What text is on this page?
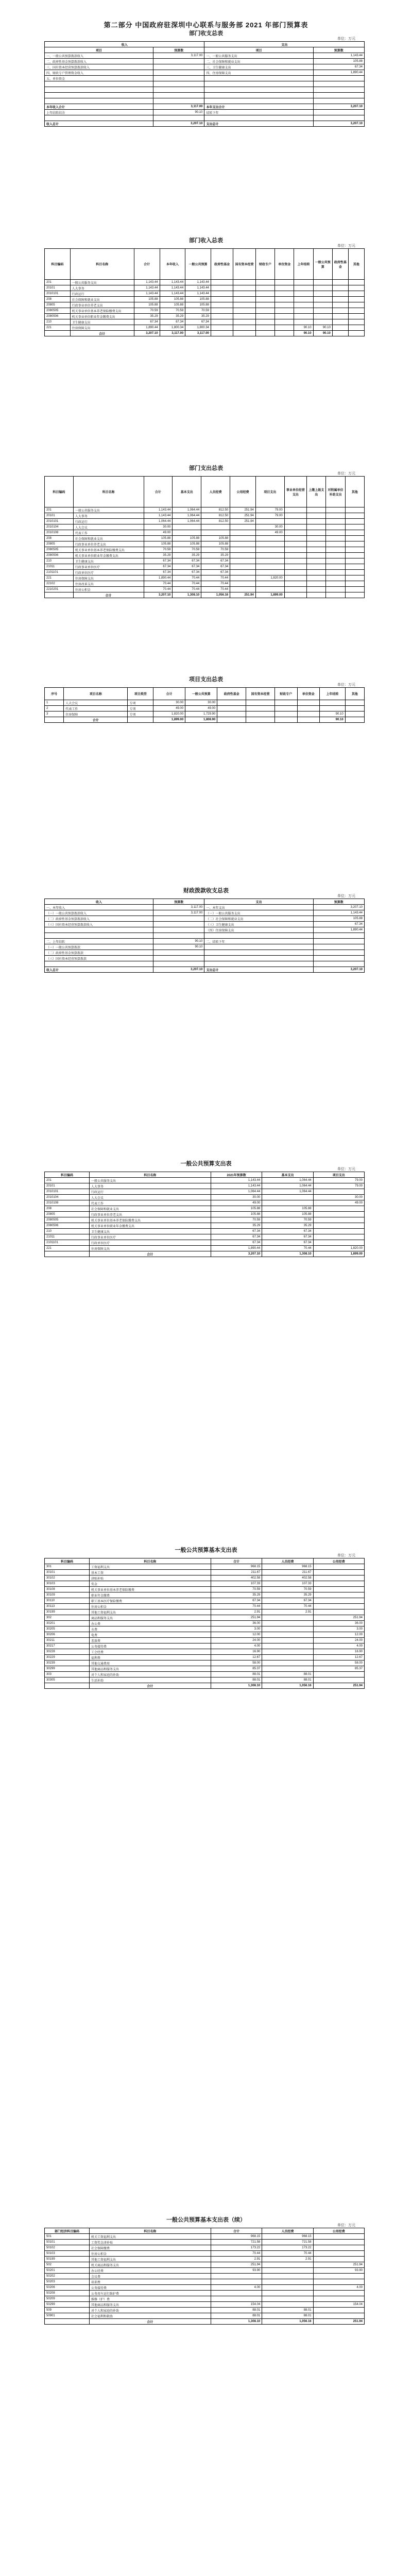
第二部分 中国政府驻深圳中心联系与服务部 2021 年部门预算表
部门收支总表
单位：万元
收入		支出	
项目	预算数	项目	预算数
一、一般公共预算拨款收入	3,117.00	一、一般公共服务支出	1,143.44
二、政府性基金预算拨款收入		二、社会保障和就业支出	105.88
三、国有资本经营预算拨款收入		三、卫生健康支出	67.34
四、财政专户管理资金收入		四、住房保障支出	1,890.44
五、单位资金			

本年收入合计	3,117.00	本年支出合计	3,207.10
上年结转结余	90.10	结转下年	

收入总计	3,207.10	支出总计	3,207.10
部门收入总表
单位：万元
科目编码	科目名称	合计	本年收入	一般公共预算	政府性基金	国有资本经营	财政专户	单位资金	上年结转	一般公共预算	政府性基金	其他
201	一般公共服务支出	1,143.44	1,143.44	1,143.44								
20101	人大事务	1,143.44	1,143.44	1,143.44								
2010101	行政运行	1,143.44	1,143.44	1,143.44								
208	社会保障和就业支出	105.88	105.88	105.88								
20805	行政事业单位养老支出	105.88	105.88	105.88								
2080505	机关事业单位基本养老保险缴费支出	70.59	70.59	70.59								
2080506	机关事业单位职业年金缴费支出	35.29	35.29	35.29								
210	卫生健康支出	67.34	67.34	67.34								
221	住房保障支出	1,890.44	1,800.34	1,800.34					90.10	90.10		
	合计	3,207.10	3,117.00	3,117.00					90.10	90.10		
部门支出总表
单位：万元
科目编码	科目名称	合计	基本支出	人员经费	公用经费	项目支出	事业单位经营支出	上缴上级支出	对附属单位补助支出	其他
201	一般公共服务支出	1,143.44	1,064.44	812.50	251.94	79.00				
20101	人大事务	1,143.44	1,064.44	812.50	251.94	79.00				
2010101	行政运行	1,064.44	1,064.44	812.50	251.94					
2010104	人大会议	30.00				30.00				
2010108	代表工作	49.00				49.00				
208	社会保障和就业支出	105.88	105.88	105.88						
20805	行政事业单位养老支出	105.88	105.88	105.88						
2080505	机关事业单位基本养老保险缴费支出	70.59	70.59	70.59						
2080506	机关事业单位职业年金缴费支出	35.29	35.29	35.29						
210	卫生健康支出	67.34	67.34	67.34						
21011	行政事业单位医疗	67.34	67.34	67.34						
2101101	行政单位医疗	67.34	67.34	67.34						
221	住房保障支出	1,890.44	70.44	70.44		1,820.00				
22102	住房改革支出	70.44	70.44	70.44						
2210201	住房公积金	70.44	70.44	70.44						
	合计	3,207.10	1,308.10	1,056.16	251.94	1,899.00				
项目支出总表
单位：万元
序号	项目名称	项目类型	合计	一般公共预算	政府性基金	国有资本经营	财政专户	单位资金	上年结转	其他
1	人大会议	专项	30.00	30.00						
2	代表工作	专项	49.00	49.00						
3	住房保障	专项	1,820.00	1,729.90					90.10	
	合计		1,899.00	1,808.90					90.10	
财政拨款收支总表
单位：万元
收入	预算数	支出	预算数
一、本年收入	3,117.00	一、本年支出	3,207.10
（一）一般公共预算拨款收入	3,117.00	（一）一般公共服务支出	1,143.44
（二）政府性基金预算拨款收入		（二）社会保障和就业支出	105.88
（三）国有资本经营预算拨款收入		（三）卫生健康支出	67.34
		（四）住房保障支出	1,890.44

二、上年结转	90.10	二、结转下年	
（一）一般公共预算拨款	90.10		
（二）政府性基金预算拨款			
（三）国有资本经营预算拨款			

收入总计	3,207.10	支出总计	3,207.10
一般公共预算支出表
单位：万元
科目编码	科目名称	2021年预算数	基本支出	项目支出
201	一般公共服务支出	1,143.44	1,064.44	79.00
20101	人大事务	1,143.44	1,064.44	79.00
2010101	行政运行	1,064.44	1,064.44	
2010104	人大会议	30.00		30.00
2010108	代表工作	49.00		49.00
208	社会保障和就业支出	105.88	105.88	
20805	行政事业单位养老支出	105.88	105.88	
2080505	机关事业单位基本养老保险缴费支出	70.59	70.59	
2080506	机关事业单位职业年金缴费支出	35.29	35.29	
210	卫生健康支出	67.34	67.34	
21011	行政事业单位医疗	67.34	67.34	
2101101	行政单位医疗	67.34	67.34	
221	住房保障支出	1,890.44	70.44	1,820.00
	合计	3,207.10	1,308.10	1,899.00
一般公共预算基本支出表
单位：万元
科目编码	科目名称	合计	人员经费	公用经费
301	工资福利支出	968.15	968.15	
30101	基本工资	211.67	211.67	
30102	津贴补贴	402.58	402.58	
30103	奖金	107.33	107.33	
30108	机关事业单位基本养老保险缴费	70.59	70.59	
30109	职业年金缴费	35.29	35.29	
30110	职工基本医疗保险缴费	67.34	67.34	
30113	住房公积金	70.44	70.44	
30199	其他工资福利支出	2.91	2.91	
302	商品和服务支出	251.94		251.94
30201	办公费	36.00		36.00
30205	水费	3.00		3.00
30206	电费	12.00		12.00
30211	差旅费	24.00		24.00
30217	公务接待费	4.00		4.00
30228	工会经费	16.90		16.90
30229	福利费	12.67		12.67
30239	其他交通费用	58.00		58.00
30299	其他商品和服务支出	85.37		85.37
303	对个人和家庭的补助	88.01	88.01	
30305	生活补助	88.01	88.01	
	合计	1,308.10	1,056.16	251.94
一般公共预算基本支出表（续）
单位：万元
部门经济科目编码	科目名称	合计	人员经费	公用经费
501	机关工资福利支出	968.15	968.15	
50101	工资奖金津补贴	721.58	721.58	
50102	社会保障缴费	173.22	173.22	
50103	住房公积金	70.44	70.44	
50199	其他工资福利支出	2.91	2.91	
502	机关商品和服务支出	251.94		251.94
50201	办公经费	93.90		93.90
50202	会议费			
50203	培训费			
50206	公务接待费	4.00		4.00
50208	公务用车运行维护费			
50209	维修（护）费			
50299	其他商品和服务支出	154.04		154.04
509	对个人和家庭的补助	88.01	88.01	
50901	社会福利和救助	88.01	88.01	
	合计	1,308.10	1,056.16	251.94
